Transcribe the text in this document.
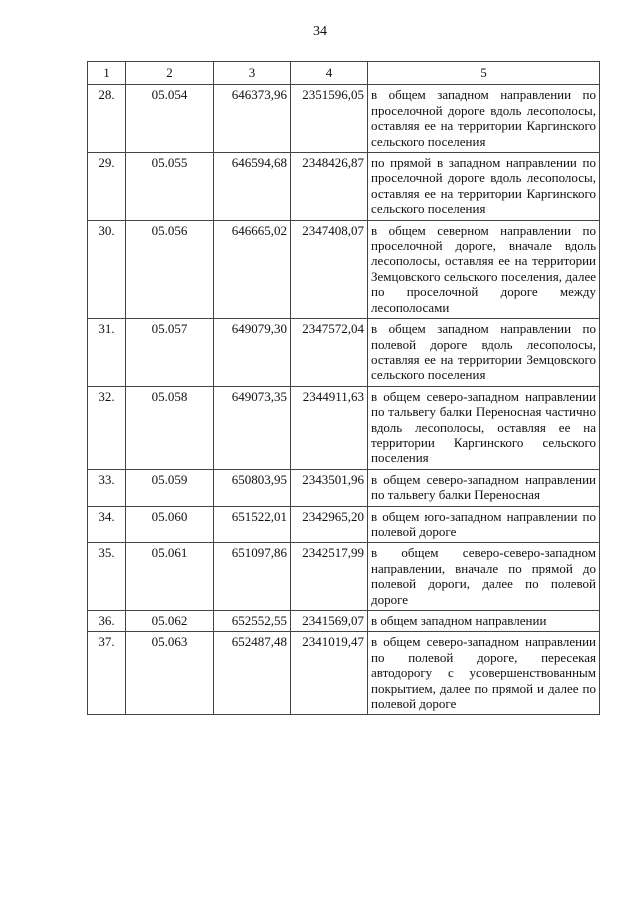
34
1	2	3	4	5
28.	05.054	646373,96	2351596,05	в общем западном направлении по проселочной дороге вдоль лесополосы, оставляя ее на территории Каргинского сельского поселения
29.	05.055	646594,68	2348426,87	по прямой в западном направлении по проселочной дороге вдоль лесополосы, оставляя ее на территории Каргинского сельского поселения
30.	05.056	646665,02	2347408,07	в общем северном направлении по проселочной дороге, вначале вдоль лесополосы, оставляя ее на территории Земцовского сельского поселения, далее по проселочной дороге между лесополосами
31.	05.057	649079,30	2347572,04	в общем западном направлении по полевой дороге вдоль лесополосы, оставляя ее на территории Земцовского сельского поселения
32.	05.058	649073,35	2344911,63	в общем северо-западном направлении по тальвегу балки Переносная частично вдоль лесополосы, оставляя ее на территории Каргинского сельского поселения
33.	05.059	650803,95	2343501,96	в общем северо-западном направлении по тальвегу балки Переносная
34.	05.060	651522,01	2342965,20	в общем юго-западном направлении по полевой дороге
35.	05.061	651097,86	2342517,99	в общем северо-северо-западном направлении, вначале по прямой до полевой дороги, далее по полевой дороге
36.	05.062	652552,55	2341569,07	в общем западном направлении
37.	05.063	652487,48	2341019,47	в общем северо-западном направлении по полевой дороге, пересекая автодорогу с усовершенствованным покрытием, далее по прямой и далее по полевой дороге
